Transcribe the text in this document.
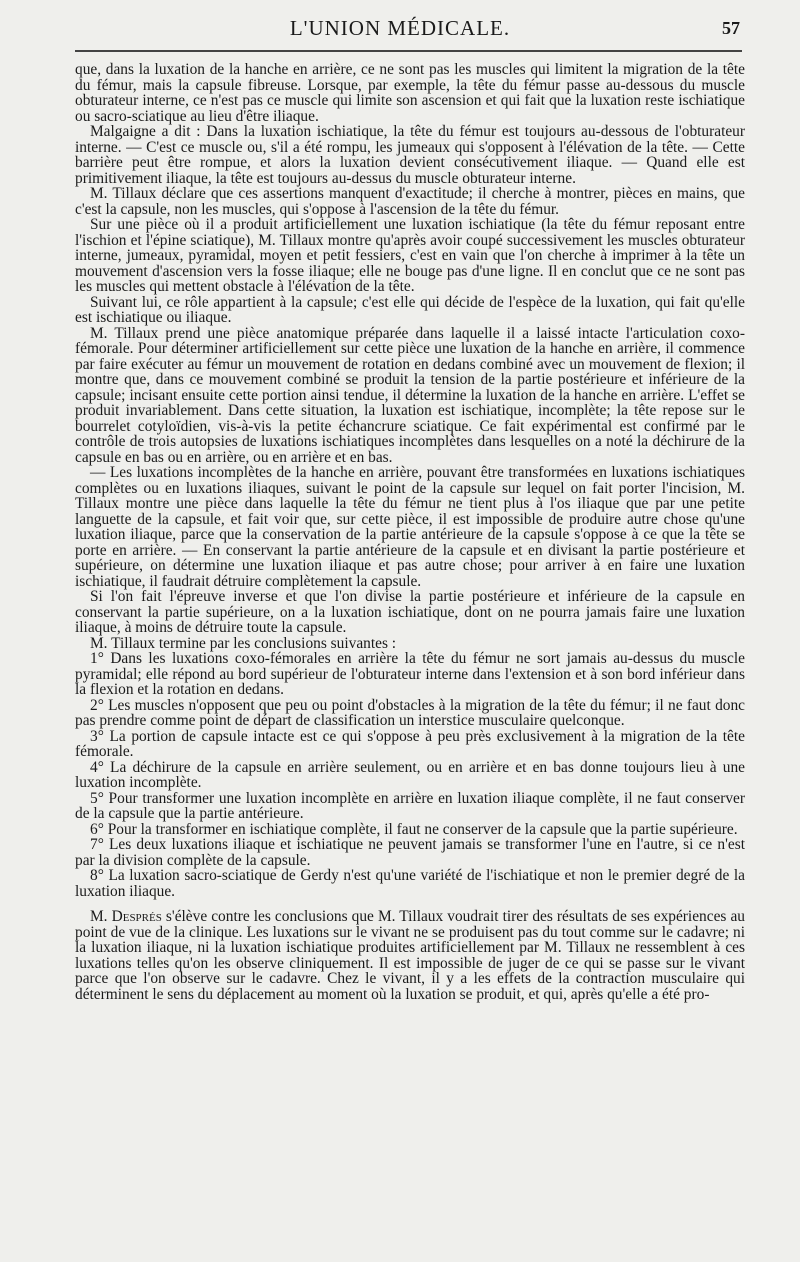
L'UNION MÉDICALE.	57

que, dans la luxation de la hanche en arrière, ce ne sont pas les muscles qui limitent la migration de la tête du fémur, mais la capsule fibreuse. Lorsque, par exemple, la tête du fémur passe au-dessous du muscle obturateur interne, ce n'est pas ce muscle qui limite son ascension et qui fait que la luxation reste ischiatique ou sacro-sciatique au lieu d'être iliaque.

Malgaigne a dit : Dans la luxation ischiatique, la tête du fémur est toujours au-dessous de l'obturateur interne. — C'est ce muscle ou, s'il a été rompu, les jumeaux qui s'opposent à l'élévation de la tête. — Cette barrière peut être rompue, et alors la luxation devient consécutivement iliaque. — Quand elle est primitivement iliaque, la tête est toujours au-dessus du muscle obturateur interne.

M. Tillaux déclare que ces assertions manquent d'exactitude; il cherche à montrer, pièces en mains, que c'est la capsule, non les muscles, qui s'oppose à l'ascension de la tête du fémur.

Sur une pièce où il a produit artificiellement une luxation ischiatique (la tête du fémur reposant entre l'ischion et l'épine sciatique), M. Tillaux montre qu'après avoir coupé successivement les muscles obturateur interne, jumeaux, pyramidal, moyen et petit fessiers, c'est en vain que l'on cherche à imprimer à la tête un mouvement d'ascension vers la fosse iliaque; elle ne bouge pas d'une ligne. Il en conclut que ce ne sont pas les muscles qui mettent obstacle à l'élévation de la tête.

Suivant lui, ce rôle appartient à la capsule; c'est elle qui décide de l'espèce de la luxation, qui fait qu'elle est ischiatique ou iliaque.

M. Tillaux prend une pièce anatomique préparée dans laquelle il a laissé intacte l'articulation coxo-fémorale. Pour déterminer artificiellement sur cette pièce une luxation de la hanche en arrière, il commence par faire exécuter au fémur un mouvement de rotation en dedans combiné avec un mouvement de flexion; il montre que, dans ce mouvement combiné se produit la tension de la partie postérieure et inférieure de la capsule; incisant ensuite cette portion ainsi tendue, il détermine la luxation de la hanche en arrière. L'effet se produit invariablement. Dans cette situation, la luxation est ischiatique, incomplète; la tête repose sur le bourrelet cotyloïdien, vis-à-vis la petite échancrure sciatique. Ce fait expérimental est confirmé par le contrôle de trois autopsies de luxations ischiatiques incomplètes dans lesquelles on a noté la déchirure de la capsule en bas ou en arrière, ou en arrière et en bas.

— Les luxations incomplètes de la hanche en arrière, pouvant être transformées en luxations ischiatiques complètes ou en luxations iliaques, suivant le point de la capsule sur lequel on fait porter l'incision, M. Tillaux montre une pièce dans laquelle la tête du fémur ne tient plus à l'os iliaque que par une petite languette de la capsule, et fait voir que, sur cette pièce, il est impossible de produire autre chose qu'une luxation iliaque, parce que la conservation de la partie antérieure de la capsule s'oppose à ce que la tête se porte en arrière. — En conservant la partie antérieure de la capsule et en divisant la partie postérieure et supérieure, on détermine une luxation iliaque et pas autre chose; pour arriver à en faire une luxation ischiatique, il faudrait détruire complètement la capsule.

Si l'on fait l'épreuve inverse et que l'on divise la partie postérieure et inférieure de la capsule en conservant la partie supérieure, on a la luxation ischiatique, dont on ne pourra jamais faire une luxation iliaque, à moins de détruire toute la capsule.

M. Tillaux termine par les conclusions suivantes :

1° Dans les luxations coxo-fémorales en arrière la tête du fémur ne sort jamais au-dessus du muscle pyramidal; elle répond au bord supérieur de l'obturateur interne dans l'extension et à son bord inférieur dans la flexion et la rotation en dedans.

2° Les muscles n'opposent que peu ou point d'obstacles à la migration de la tête du fémur; il ne faut donc pas prendre comme point de départ de classification un interstice musculaire quelconque.

3° La portion de capsule intacte est ce qui s'oppose à peu près exclusivement à la migration de la tête fémorale.

4° La déchirure de la capsule en arrière seulement, ou en arrière et en bas donne toujours lieu à une luxation incomplète.

5° Pour transformer une luxation incomplète en arrière en luxation iliaque complète, il ne faut conserver de la capsule que la partie antérieure.

6° Pour la transformer en ischiatique complète, il faut ne conserver de la capsule que la partie supérieure.

7° Les deux luxations iliaque et ischiatique ne peuvent jamais se transformer l'une en l'autre, si ce n'est par la division complète de la capsule.

8° La luxation sacro-sciatique de Gerdy n'est qu'une variété de l'ischiatique et non le premier degré de la luxation iliaque.

M. Després s'élève contre les conclusions que M. Tillaux voudrait tirer des résultats de ses expériences au point de vue de la clinique. Les luxations sur le vivant ne se produisent pas du tout comme sur le cadavre; ni la luxation iliaque, ni la luxation ischiatique produites artificiellement par M. Tillaux ne ressemblent à ces luxations telles qu'on les observe cliniquement. Il est impossible de juger de ce qui se passe sur le vivant parce que l'on observe sur le cadavre. Chez le vivant, il y a les effets de la contraction musculaire qui déterminent le sens du déplacement au moment où la luxation se produit, et qui, après qu'elle a été pro-
